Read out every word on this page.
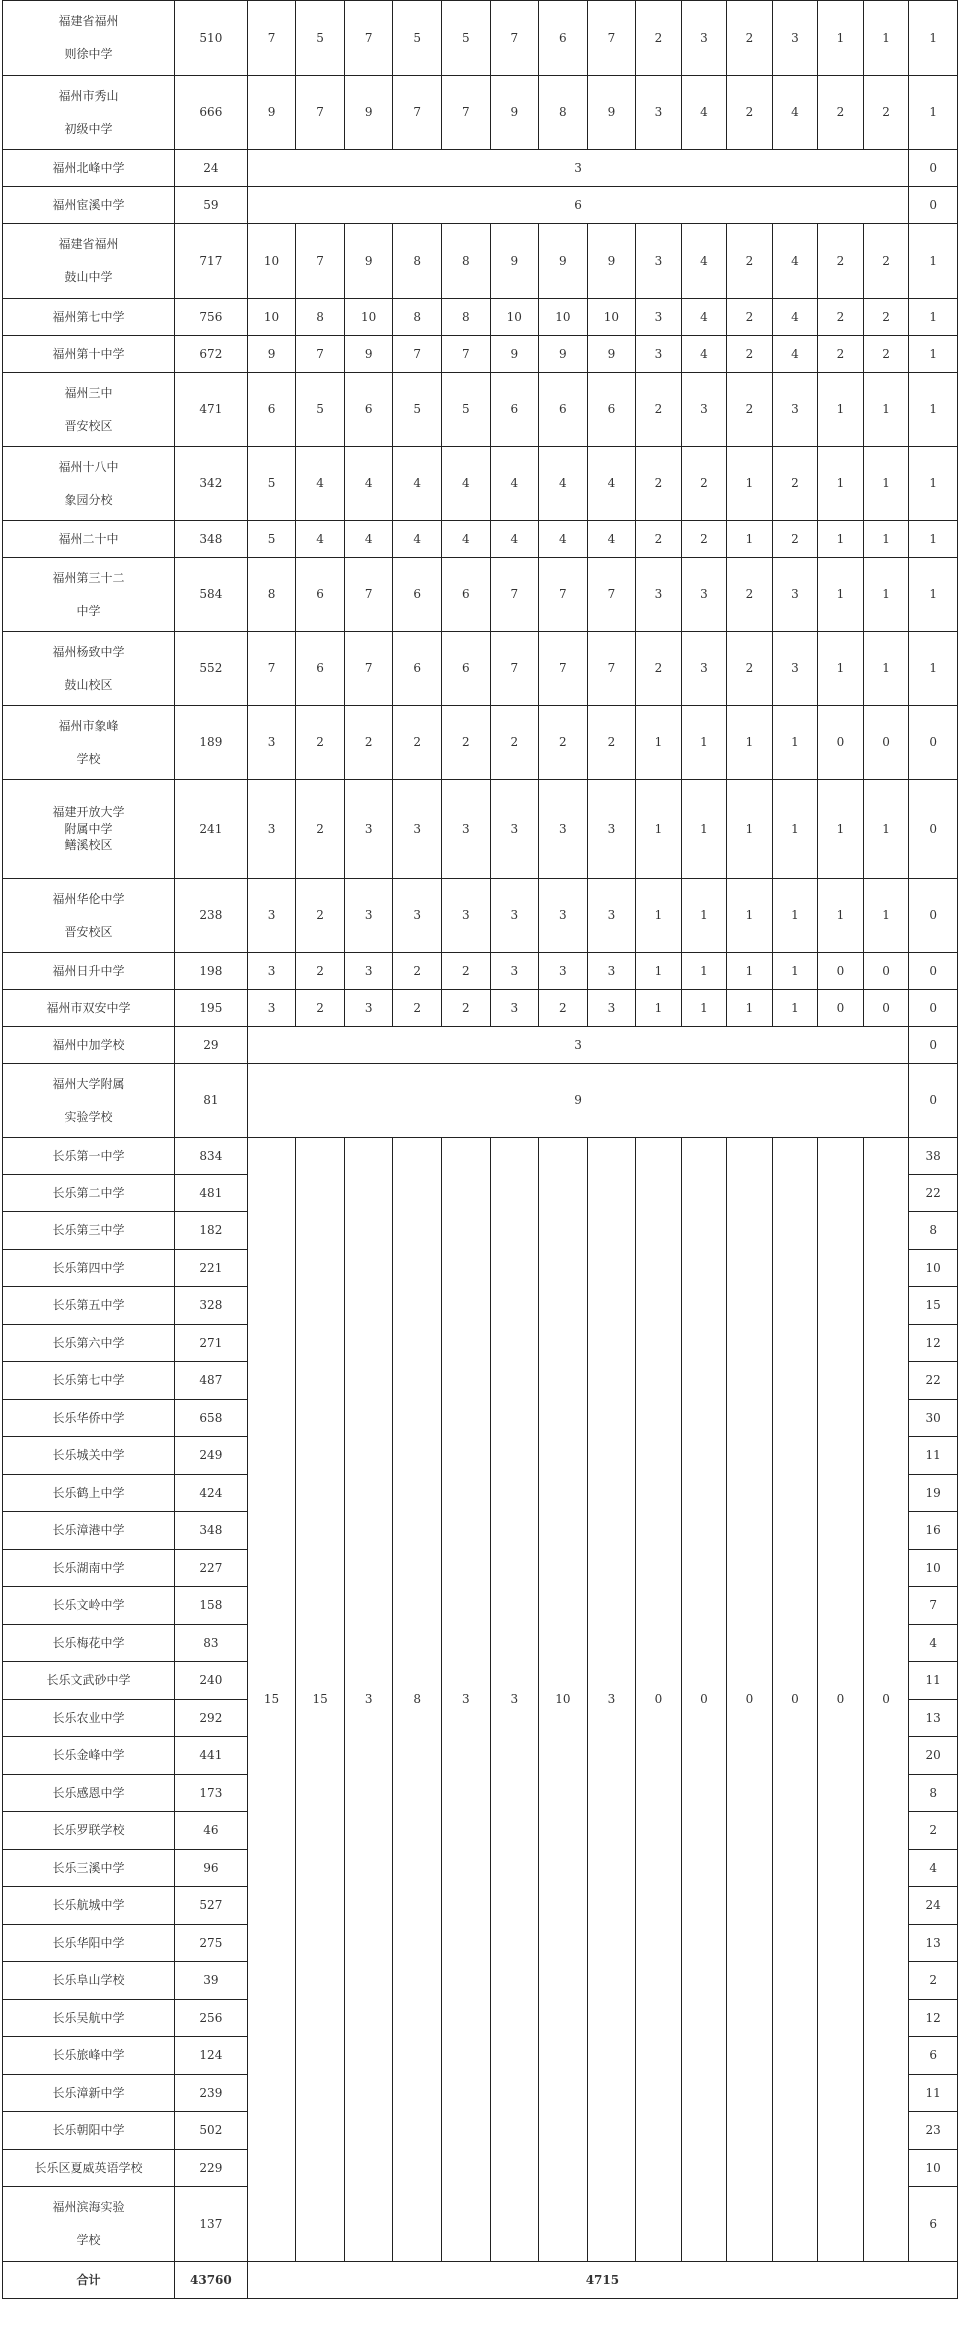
福建省福州
则徐中学	510	7	5	7	5	5	7	6	7	2	3	2	3	1	1	1

福州市秀山
初级中学	666	9	7	9	7	7	9	8	9	3	4	2	4	2	2	1

福州北峰中学	24	3														0

福州宦溪中学	59	6														0

福建省福州
鼓山中学	717	10	7	9	8	8	9	9	9	3	4	2	4	2	2	1

福州第七中学	756	10	8	10	8	8	10	10	10	3	4	2	4	2	2	1

福州第十中学	672	9	7	9	7	7	9	9	9	3	4	2	4	2	2	1

福州三中
晋安校区	471	6	5	6	5	5	6	6	6	2	3	2	3	1	1	1

福州十八中
象园分校	342	5	4	4	4	4	4	4	4	2	2	1	2	1	1	1

福州二十中	348	5	4	4	4	4	4	4	4	2	2	1	2	1	1	1

福州第三十二
中学	584	8	6	7	6	6	7	7	7	3	3	2	3	1	1	1

福州杨致中学
鼓山校区	552	7	6	7	6	6	7	7	7	2	3	2	3	1	1	1

福州市象峰
学校	189	3	2	2	2	2	2	2	2	1	1	1	1	0	0	0

福建开放大学
附属中学
鳝溪校区	241	3	2	3	3	3	3	3	3	1	1	1	1	1	1	0

福州华伦中学
晋安校区	238	3	2	3	3	3	3	3	3	1	1	1	1	1	1	0

福州日升中学	198	3	2	3	2	2	3	3	3	1	1	1	1	0	0	0

福州市双安中学	195	3	2	3	2	2	3	2	3	1	1	1	1	0	0	0

福州中加学校	29	3														0

福州大学附属
实验学校	81	9														0

长乐第一中学	834	15	15	3	8	3	3	10	3	0	0	0	0	0	0	38

长乐第二中学	481															22

长乐第三中学	182															8

长乐第四中学	221															10

长乐第五中学	328															15

长乐第六中学	271															12

长乐第七中学	487															22

长乐华侨中学	658															30

长乐城关中学	249															11

长乐鹤上中学	424															19

长乐漳港中学	348															16

长乐湖南中学	227															10

长乐文岭中学	158															7

长乐梅花中学	83															4

长乐文武砂中学	240															11

长乐农业中学	292															13

长乐金峰中学	441															20

长乐感恩中学	173															8

长乐罗联学校	46															2

长乐三溪中学	96															4

长乐航城中学	527															24

长乐华阳中学	275															13

长乐阜山学校	39															2

长乐吴航中学	256															12

长乐旅峰中学	124															6

长乐漳新中学	239															11

长乐朝阳中学	502															23

长乐区夏威英语学校	229															10

福州滨海实验
学校	137															6
合计	43760	4715														
